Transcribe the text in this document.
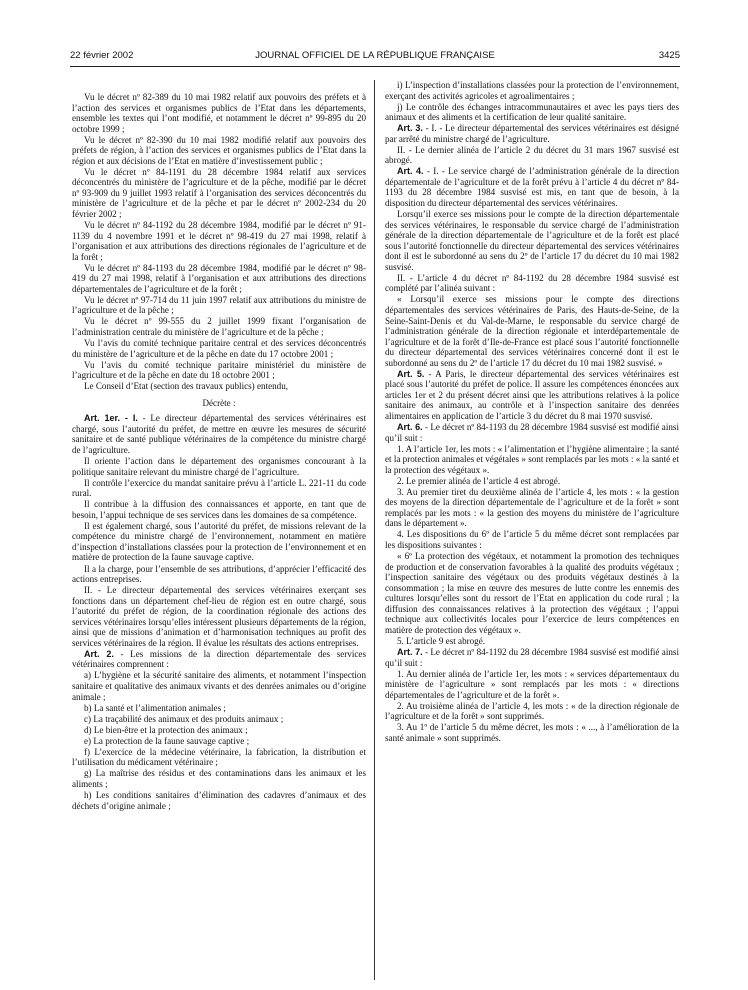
22 février 2002	JOURNAL OFFICIEL DE LA RÉPUBLIQUE FRANÇAISE	3425

Vu le décret nº 82-389 du 10 mai 1982 relatif aux pouvoirs des préfets et à l’action des services et organismes publics de l’Etat dans les départements, ensemble les textes qui l’ont modifié, et notamment le décret nº 99-895 du 20 octobre 1999 ;

Vu le décret nº 82-390 du 10 mai 1982 modifié relatif aux pouvoirs des préfets de région, à l’action des services et organismes publics de l’Etat dans la région et aux décisions de l’Etat en matière d’investissement public ;

Vu le décret nº 84-1191 du 28 décembre 1984 relatif aux services déconcentrés du ministère de l’agriculture et de la pêche, modifié par le décret nº 93-909 du 9 juillet 1993 relatif à l’organisation des services déconcentrés du ministère de l’agriculture et de la pêche et par le décret nº 2002-234 du 20 février 2002 ;

Vu le décret nº 84-1192 du 28 décembre 1984, modifié par le décret nº 91-1139 du 4 novembre 1991 et le décret nº 98-419 du 27 mai 1998, relatif à l’organisation et aux attributions des directions régionales de l’agriculture et de la forêt ;

Vu le décret nº 84-1193 du 28 décembre 1984, modifié par le décret nº 98-419 du 27 mai 1998, relatif à l’organisation et aux attributions des directions départementales de l’agriculture et de la forêt ;

Vu le décret nº 97-714 du 11 juin 1997 relatif aux attributions du ministre de l’agriculture et de la pêche ;

Vu le décret nº 99-555 du 2 juillet 1999 fixant l’organisation de l’administration centrale du ministère de l’agriculture et de la pêche ;

Vu l’avis du comité technique paritaire central et des services déconcentrés du ministère de l’agriculture et de la pêche en date du 17 octobre 2001 ;

Vu l’avis du comité technique paritaire ministériel du ministère de l’agriculture et de la pêche en date du 18 octobre 2001 ;

Le Conseil d’Etat (section des travaux publics) entendu,

Décrète :

Art. 1er. - I. - Le directeur départemental des services vétérinaires est chargé, sous l’autorité du préfet, de mettre en œuvre les mesures de sécurité sanitaire et de santé publique vétérinaires de la compétence du ministre chargé de l’agriculture.

Il oriente l’action dans le département des organismes concourant à la politique sanitaire relevant du ministre chargé de l’agriculture.

Il contrôle l’exercice du mandat sanitaire prévu à l’article L. 221-11 du code rural.

Il contribue à la diffusion des connaissances et apporte, en tant que de besoin, l’appui technique de ses services dans les domaines de sa compétence.

Il est également chargé, sous l’autorité du préfet, de missions relevant de la compétence du ministre chargé de l’environnement, notamment en matière d’inspection d’installations classées pour la protection de l’environnement et en matière de protection de la faune sauvage captive.

Il a la charge, pour l’ensemble de ses attributions, d’apprécier l’efficacité des actions entreprises.

II. - Le directeur départemental des services vétérinaires exerçant ses fonctions dans un département chef-lieu de région est en outre chargé, sous l’autorité du préfet de région, de la coordination régionale des actions des services vétérinaires lorsqu’elles intéressent plusieurs départements de la région, ainsi que de missions d’animation et d’harmonisation techniques au profit des services vétérinaires de la région. Il évalue les résultats des actions entreprises.

Art. 2. - Les missions de la direction départementale des services vétérinaires comprennent :

a) L’hygiène et la sécurité sanitaire des aliments, et notamment l’inspection sanitaire et qualitative des animaux vivants et des denrées animales ou d’origine animale ;

b) La santé et l’alimentation animales ;

c) La traçabilité des animaux et des produits animaux ;

d) Le bien-être et la protection des animaux ;

e) La protection de la faune sauvage captive ;

f) L’exercice de la médecine vétérinaire, la fabrication, la distribution et l’utilisation du médicament vétérinaire ;

g) La maîtrise des résidus et des contaminations dans les animaux et les aliments ;

h) Les conditions sanitaires d’élimination des cadavres d’animaux et des déchets d’origine animale ;

i) L’inspection d’installations classées pour la protection de l’environnement, exerçant des activités agricoles et agroalimentaires ;

j) Le contrôle des échanges intracommunautaires et avec les pays tiers des animaux et des aliments et la certification de leur qualité sanitaire.

Art. 3. - I. - Le directeur départemental des services vétérinaires est désigné par arrêté du ministre chargé de l’agriculture.

II. - Le dernier alinéa de l’article 2 du décret du 31 mars 1967 susvisé est abrogé.

Art. 4. - I. - Le service chargé de l’administration générale de la direction départementale de l’agriculture et de la forêt prévu à l’article 4 du décret nº 84-1193 du 28 décembre 1984 susvisé est mis, en tant que de besoin, à la disposition du directeur départemental des services vétérinaires.

Lorsqu’il exerce ses missions pour le compte de la direction départementale des services vétérinaires, le responsable du service chargé de l’administration générale de la direction départementale de l’agriculture et de la forêt est placé sous l’autorité fonctionnelle du directeur départemental des services vétérinaires dont il est le subordonné au sens du 2º de l’article 17 du décret du 10 mai 1982 susvisé.

II. - L’article 4 du décret nº 84-1192 du 28 décembre 1984 susvisé est complété par l’alinéa suivant :

« Lorsqu’il exerce ses missions pour le compte des directions départementales des services vétérinaires de Paris, des Hauts-de-Seine, de la Seine-Saint-Denis et du Val-de-Marne, le responsable du service chargé de l’administration générale de la direction régionale et interdépartementale de l’agriculture et de la forêt d’Ile-de-France est placé sous l’autorité fonctionnelle du directeur départemental des services vétérinaires concerné dont il est le subordonné au sens du 2º de l’article 17 du décret du 10 mai 1982 susvisé. »

Art. 5. - A Paris, le directeur départemental des services vétérinaires est placé sous l’autorité du préfet de police. Il assure les compétences énoncées aux articles 1er et 2 du présent décret ainsi que les attributions relatives à la police sanitaire des animaux, au contrôle et à l’inspection sanitaire des denrées alimentaires en application de l’article 3 du décret du 8 mai 1970 susvisé.

Art. 6. - Le décret nº 84-1193 du 28 décembre 1984 susvisé est modifié ainsi qu’il suit :

1. A l’article 1er, les mots : « l’alimentation et l’hygiène alimentaire ; la santé et la protection animales et végétales » sont remplacés par les mots : « la santé et la protection des végétaux ».

2. Le premier alinéa de l’article 4 est abrogé.

3. Au premier tiret du deuxième alinéa de l’article 4, les mots : « la gestion des moyens de la direction départementale de l’agriculture et de la forêt » sont remplacés par les mots : « la gestion des moyens du ministère de l’agriculture dans le département ».

4. Les dispositions du 6º de l’article 5 du même décret sont remplacées par les dispositions suivantes :

« 6º La protection des végétaux, et notamment la promotion des techniques de production et de conservation favorables à la qualité des produits végétaux ; l’inspection sanitaire des végétaux ou des produits végétaux destinés à la consommation ; la mise en œuvre des mesures de lutte contre les ennemis des cultures lorsqu’elles sont du ressort de l’Etat en application du code rural ; la diffusion des connaissances relatives à la protection des végétaux ; l’appui technique aux collectivités locales pour l’exercice de leurs compétences en matière de protection des végétaux ».

5. L’article 9 est abrogé.

Art. 7. - Le décret nº 84-1192 du 28 décembre 1984 susvisé est modifié ainsi qu’il suit :

1. Au dernier alinéa de l’article 1er, les mots : « services départementaux du ministère de l’agriculture » sont remplacés par les mots : « directions départementales de l’agriculture et de la forêt ».

2. Au troisième alinéa de l’article 4, les mots : « de la direction régionale de l’agriculture et de la forêt » sont supprimés.

3. Au 1º de l’article 5 du même décret, les mots : « ..., à l’amélioration de la santé animale » sont supprimés.
